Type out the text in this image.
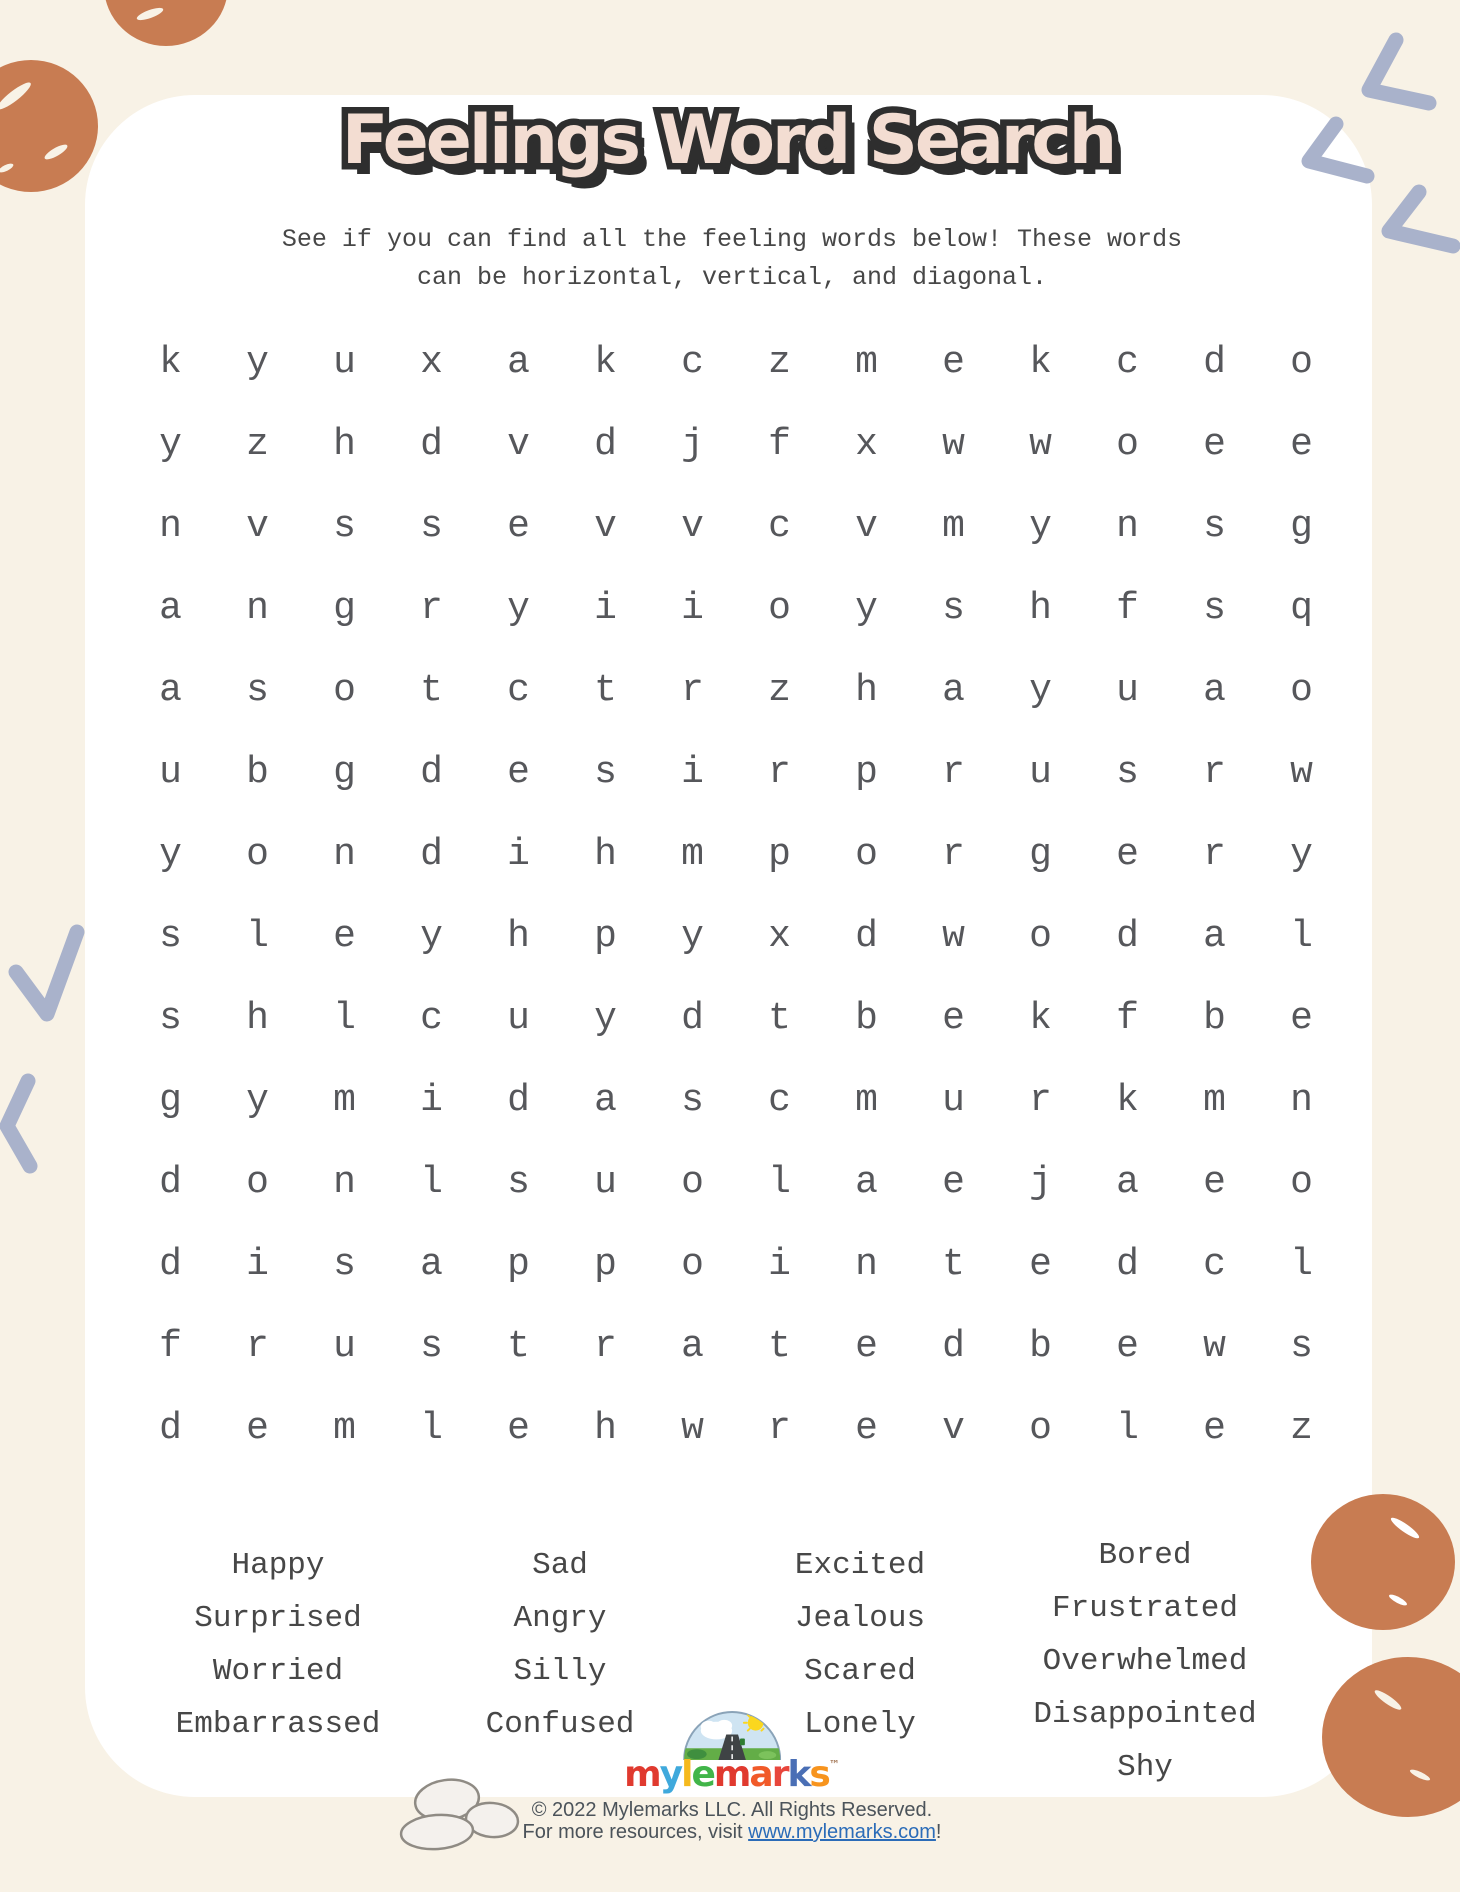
Feelings Word Search Feelings Word Search
See if you can find all the feeling words below! These words
can be horizontal, vertical, and diagonal.
k	y	u	x	a	k	c	z	m	e	k	c	d	o
y	z	h	d	v	d	j	f	x	w	w	o	e	e
n	v	s	s	e	v	v	c	v	m	y	n	s	g
a	n	g	r	y	i	i	o	y	s	h	f	s	q
a	s	o	t	c	t	r	z	h	a	y	u	a	o
u	b	g	d	e	s	i	r	p	r	u	s	r	w
y	o	n	d	i	h	m	p	o	r	g	e	r	y
s	l	e	y	h	p	y	x	d	w	o	d	a	l
s	h	l	c	u	y	d	t	b	e	k	f	b	e
g	y	m	i	d	a	s	c	m	u	r	k	m	n
d	o	n	l	s	u	o	l	a	e	j	a	e	o
d	i	s	a	p	p	o	i	n	t	e	d	c	l
f	r	u	s	t	r	a	t	e	d	b	e	w	s
d	e	m	l	e	h	w	r	e	v	o	l	e	z
Happy
Surprised
Worried
Embarrassed
Sad
Angry
Silly
Confused
Excited
Jealous
Scared
Lonely
Bored
Frustrated
Overwhelmed
Disappointed
Shy
mylemarks™
© 2022 Mylemarks LLC. All Rights Reserved.
For more resources, visit www.mylemarks.com!
